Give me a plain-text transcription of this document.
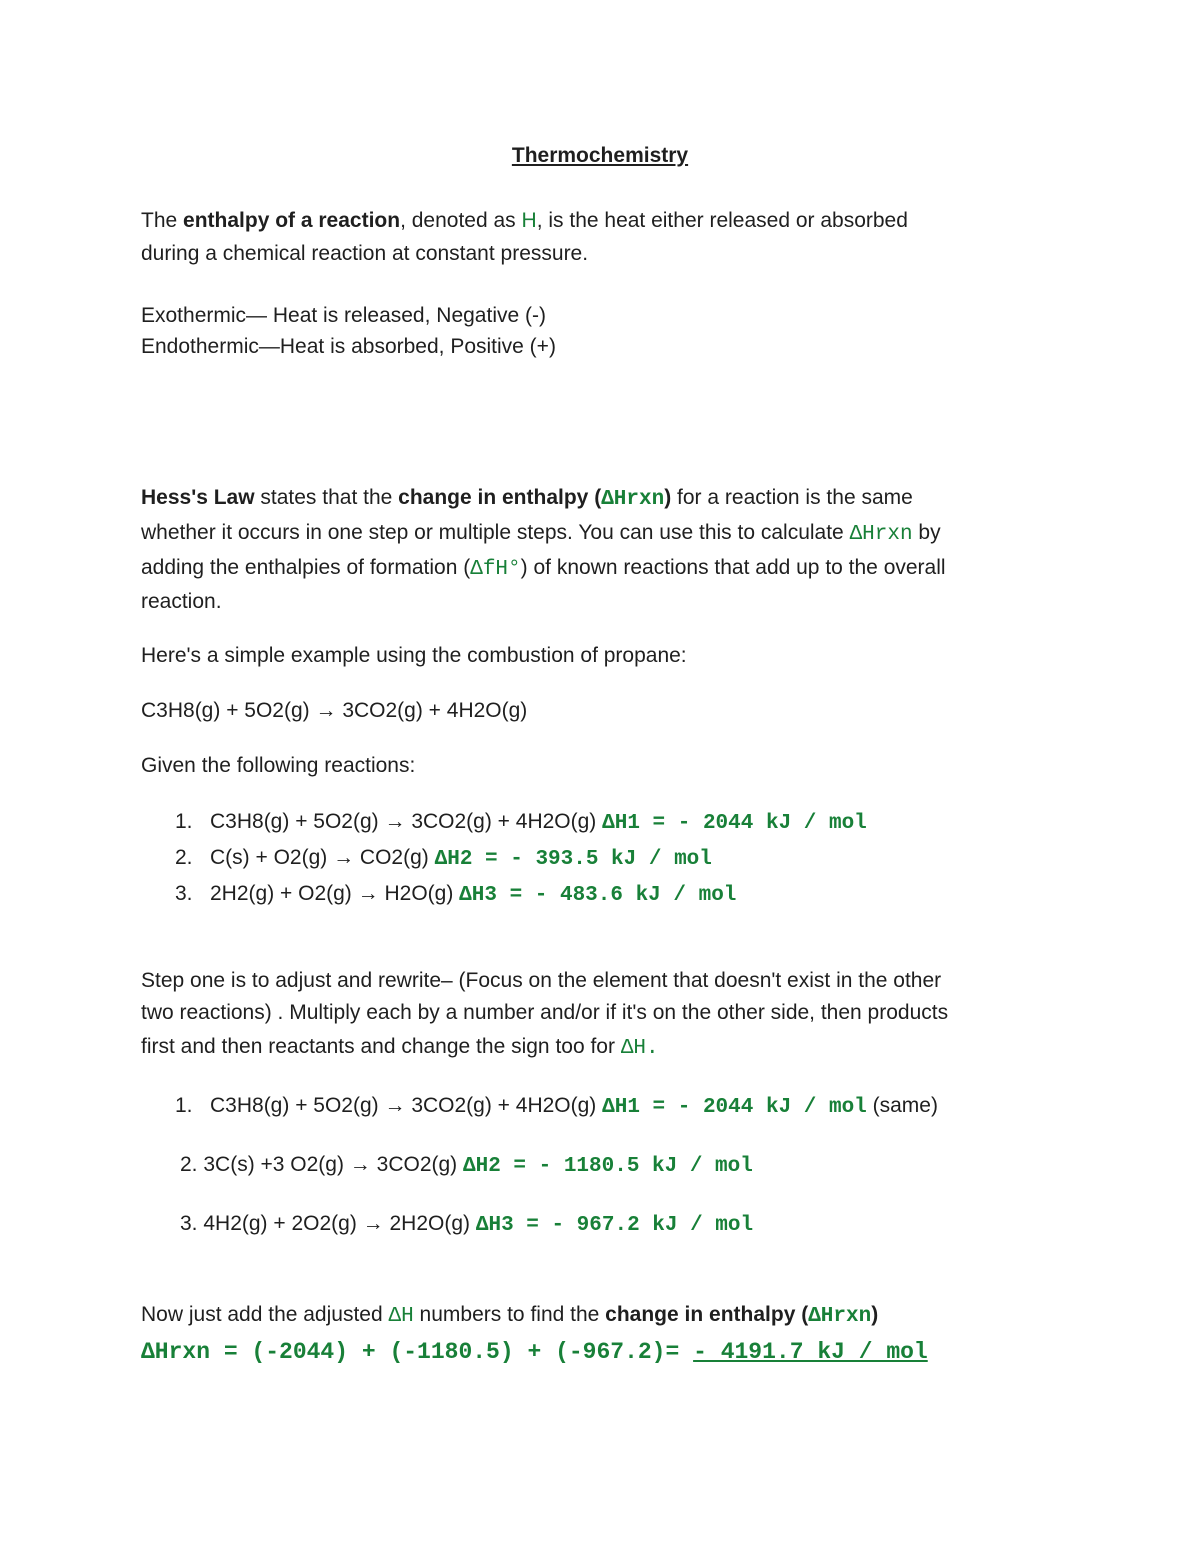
Thermochemistry
The enthalpy of a reaction, denoted as H, is the heat either released or absorbed
during a chemical reaction at constant pressure.
Exothermic— Heat is released, Negative (-)
Endothermic—Heat is absorbed, Positive (+)
Hess's Law states that the change in enthalpy (ΔHrxn) for a reaction is the same
whether it occurs in one step or multiple steps. You can use this to calculate ΔHrxn by
adding the enthalpies of formation (ΔfH°) of known reactions that add up to the overall
reaction.
Here's a simple example using the combustion of propane:
C3H8(g) + 5O2(g) → 3CO2(g) + 4H2O(g)
Given the following reactions:
1. C3H8(g) + 5O2(g) → 3CO2(g) + 4H2O(g) ΔH1 = - 2044 kJ / mol
2. C(s) + O2(g) → CO2(g) ΔH2 = - 393.5 kJ / mol
3. 2H2(g) + O2(g) → H2O(g) ΔH3 = - 483.6 kJ / mol
Step one is to adjust and rewrite– (Focus on the element that doesn't exist in the other
two reactions) . Multiply each by a number and/or if it's on the other side, then products
first and then reactants and change the sign too for ΔH.
1. C3H8(g) + 5O2(g) → 3CO2(g) + 4H2O(g) ΔH1 = - 2044 kJ / mol (same)
2. 3C(s) +3 O2(g) → 3CO2(g) ΔH2 = - 1180.5 kJ / mol
3. 4H2(g) + 2O2(g) → 2H2O(g) ΔH3 = - 967.2 kJ / mol
Now just add the adjusted ΔH numbers to find the change in enthalpy (ΔHrxn)
ΔHrxn = (-2044) + (-1180.5) + (-967.2)= - 4191.7 kJ / mol
